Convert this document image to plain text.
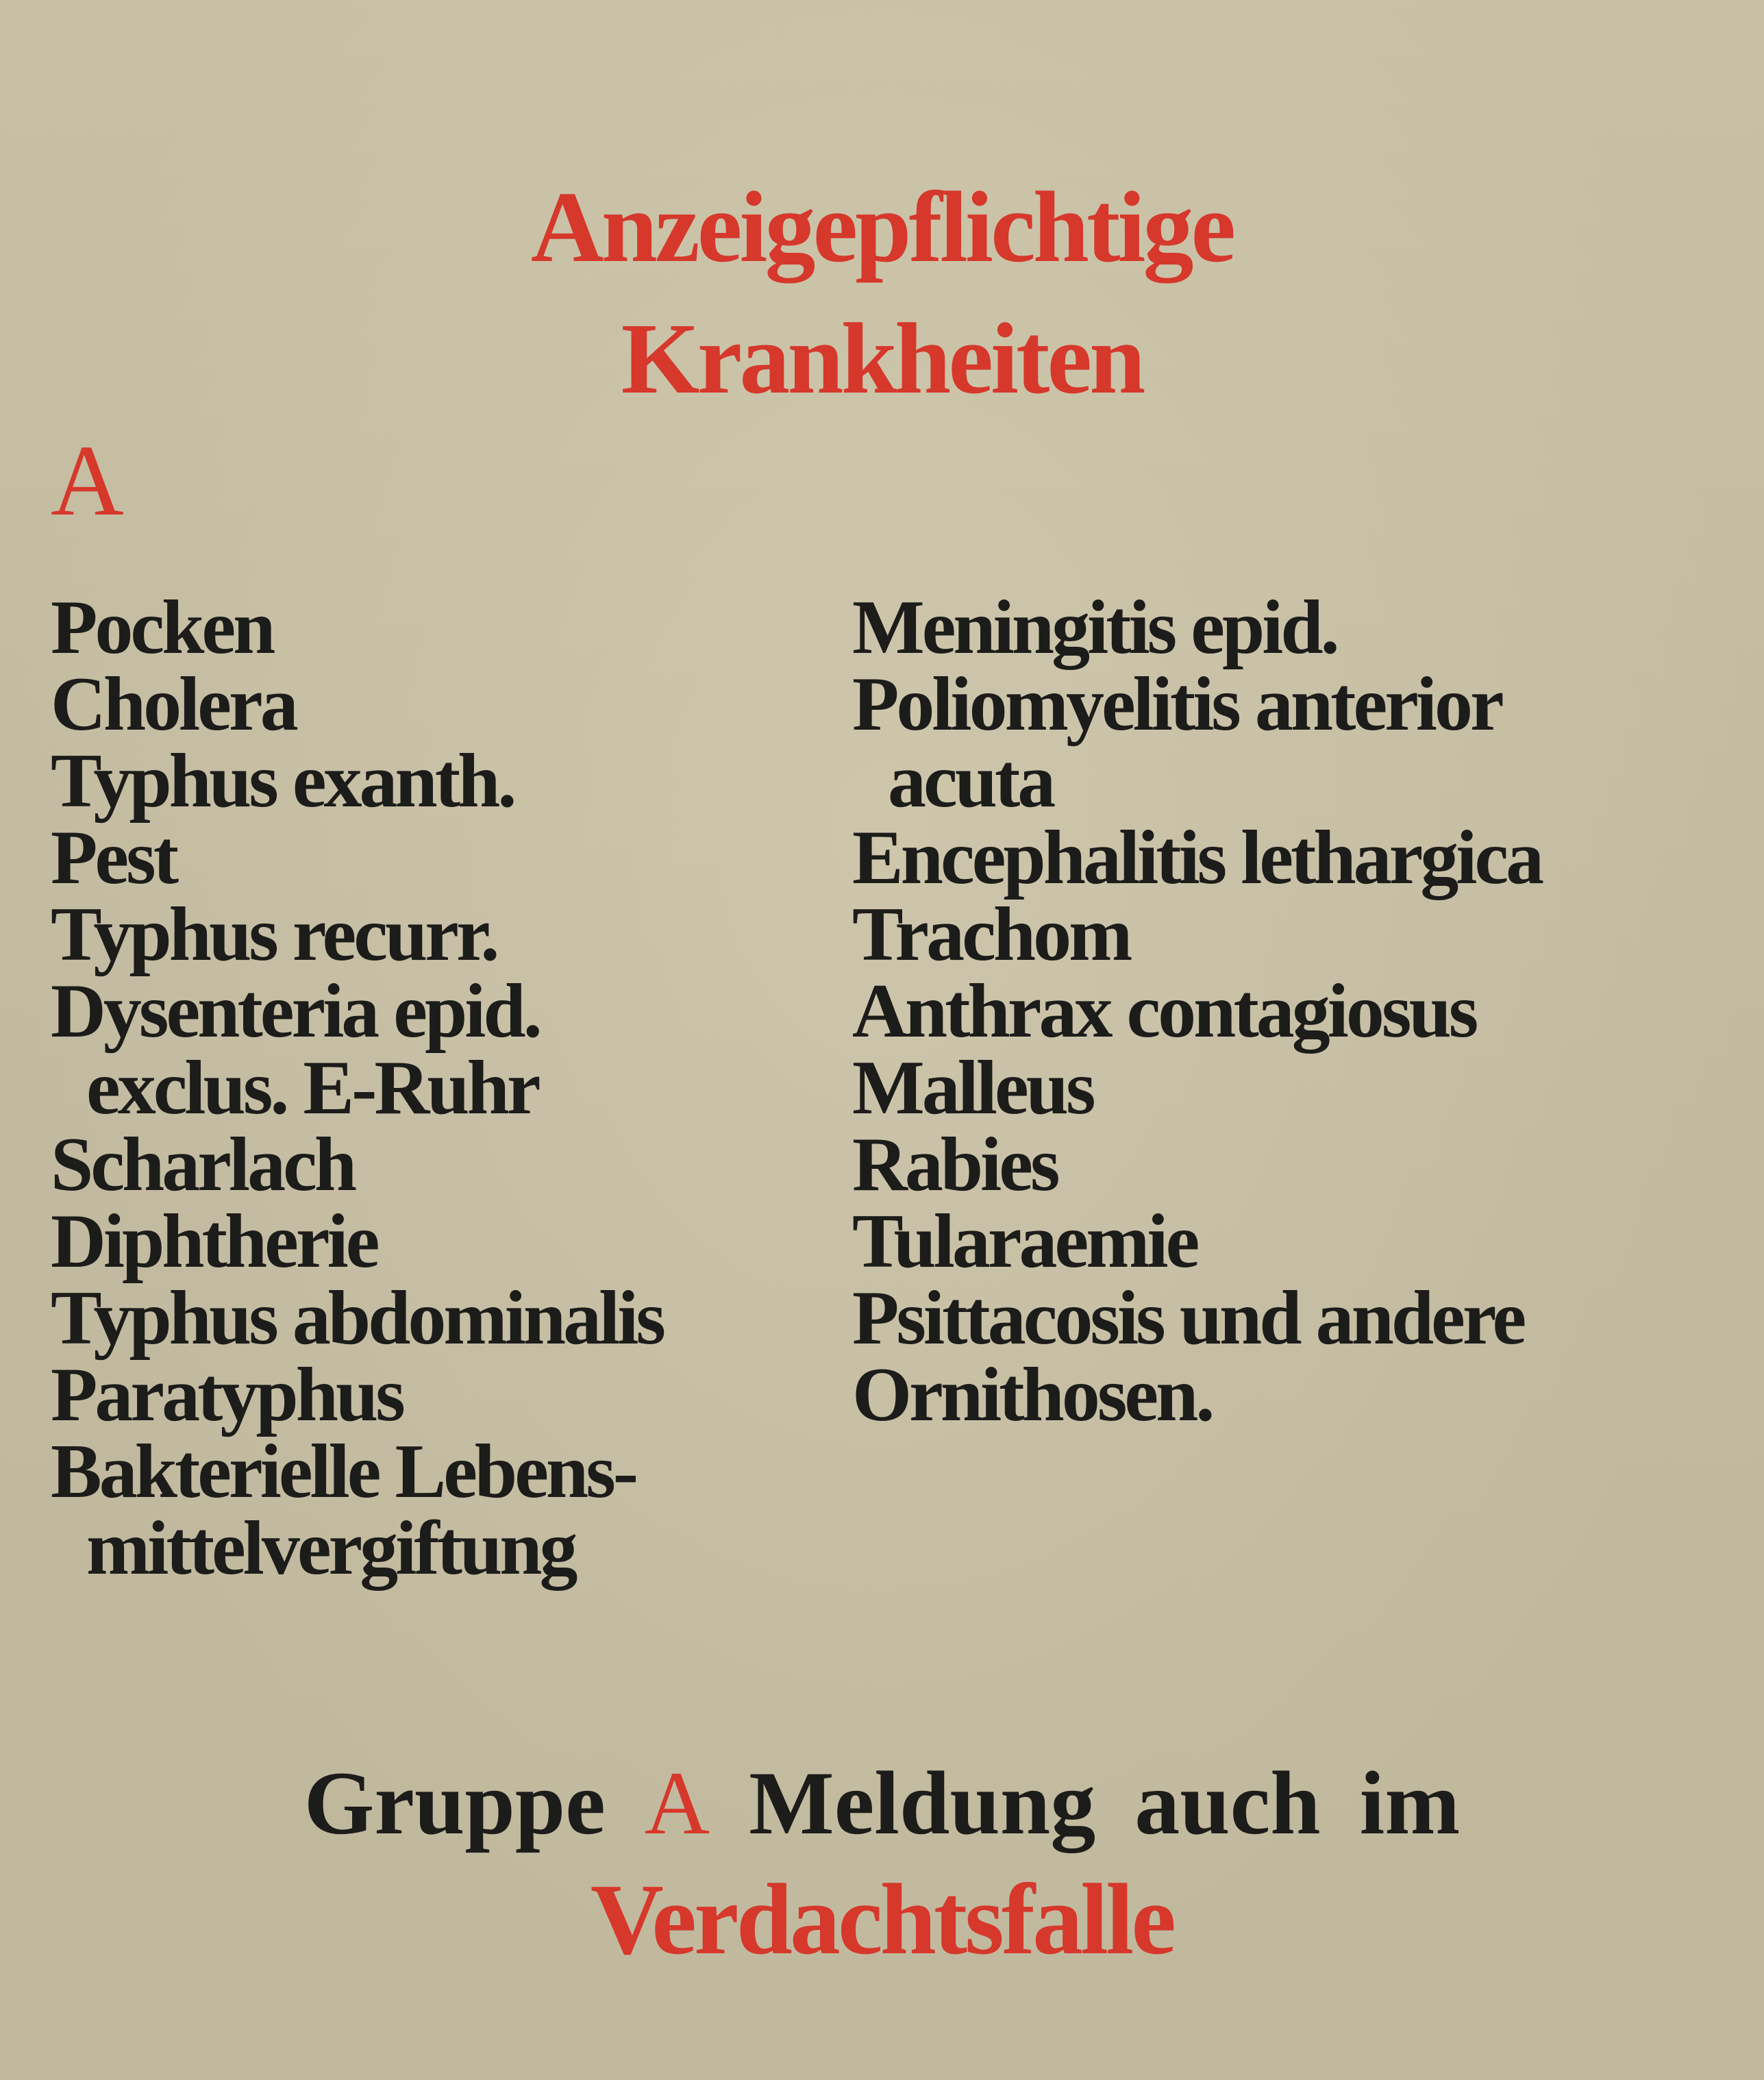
Anzeigepflichtige
Krankheiten
A
Pocken
Cholera
Typhus exanth.
Pest
Typhus recurr.
Dysenteria epid.
exclus. E-Ruhr
Scharlach
Diphtherie
Typhus abdominalis
Paratyphus
Bakterielle Lebens-
mittelvergiftung
Meningitis epid.
Poliomyelitis anterior
acuta
Encephalitis lethargica
Trachom
Anthrax contagiosus
Malleus
Rabies
Tularaemie
Psittacosis und andere
Ornithosen.
Gruppe A Meldung auch im
Verdachtsfalle
